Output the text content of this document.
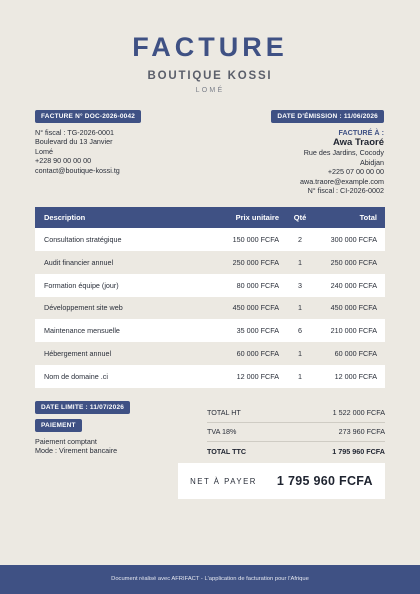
FACTURE
BOUTIQUE KOSSI
LOMÉ
FACTURE N° DOC-2026-0042	DATE D'ÉMISSION : 11/06/2026
N° fiscal : TG-2026-0001
Boulevard du 13 Janvier
Lomé
+228 90 00 00 00
contact@boutique-kossi.tg
FACTURÉ À :
Awa Traoré
Rue des Jardins, Cocody
Abidjan
+225 07 00 00 00
awa.traore@example.com
N° fiscal : CI-2026-0002
Description	Prix unitaire	Qté	Total
Consultation stratégique	150 000 FCFA	2	300 000 FCFA
Audit financier annuel	250 000 FCFA	1	250 000 FCFA
Formation équipe (jour)	80 000 FCFA	3	240 000 FCFA
Développement site web	450 000 FCFA	1	450 000 FCFA
Maintenance mensuelle	35 000 FCFA	6	210 000 FCFA
Hébergement annuel	60 000 FCFA	1	60 000 FCFA
Nom de domaine .ci	12 000 FCFA	1	12 000 FCFA
DATE LIMITE : 11/07/2026
PAIEMENT
Paiement comptant
Mode : Virement bancaire
TOTAL HT	1 522 000 FCFA
TVA 18%	273 960 FCFA
TOTAL TTC	1 795 960 FCFA
NET À PAYER 1 795 960 FCFA
Document réalisé avec AFRIFACT - L'application de facturation pour l'Afrique
